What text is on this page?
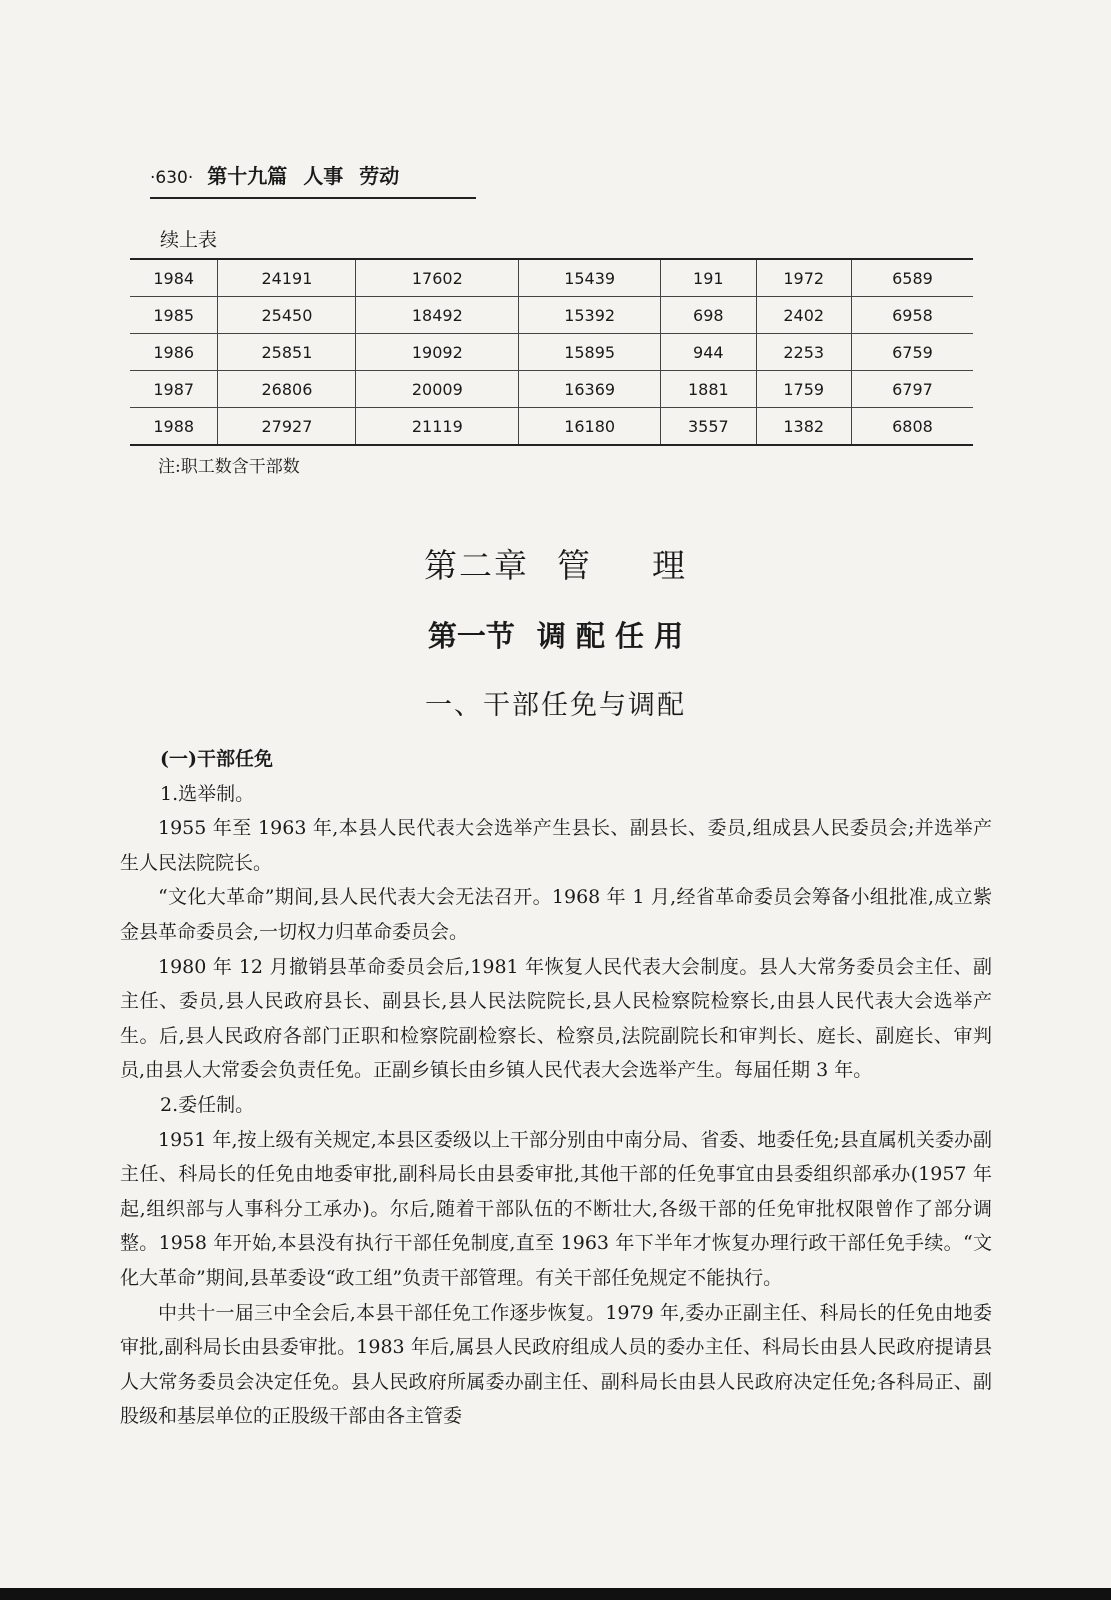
·630· 第十九篇 人事 劳动
续上表
1984	24191	17602	15439	191	1972	6589
1985	25450	18492	15392	698	2402	6958
1986	25851	19092	15895	944	2253	6759
1987	26806	20009	16369	1881	1759	6797
1988	27927	21119	16180	3557	1382	6808
注:职工数含干部数
第二章 管 理
第一节 调 配 任 用
一、干部任免与调配

(一)干部任免

1.选举制。

1955 年至 1963 年,本县人民代表大会选举产生县长、副县长、委员,组成县人民委员会;并选举产生人民法院院长。

“文化大革命”期间,县人民代表大会无法召开。1968 年 1 月,经省革命委员会筹备小组批准,成立紫金县革命委员会,一切权力归革命委员会。

1980 年 12 月撤销县革命委员会后,1981 年恢复人民代表大会制度。县人大常务委员会主任、副主任、委员,县人民政府县长、副县长,县人民法院院长,县人民检察院检察长,由县人民代表大会选举产生。后,县人民政府各部门正职和检察院副检察长、检察员,法院副院长和审判长、庭长、副庭长、审判员,由县人大常委会负责任免。正副乡镇长由乡镇人民代表大会选举产生。每届任期 3 年。

2.委任制。

1951 年,按上级有关规定,本县区委级以上干部分别由中南分局、省委、地委任免;县直属机关委办副主任、科局长的任免由地委审批,副科局长由县委审批,其他干部的任免事宜由县委组织部承办(1957 年起,组织部与人事科分工承办)。尔后,随着干部队伍的不断壮大,各级干部的任免审批权限曾作了部分调整。1958 年开始,本县没有执行干部任免制度,直至 1963 年下半年才恢复办理行政干部任免手续。“文化大革命”期间,县革委设“政工组”负责干部管理。有关干部任免规定不能执行。

中共十一届三中全会后,本县干部任免工作逐步恢复。1979 年,委办正副主任、科局长的任免由地委审批,副科局长由县委审批。1983 年后,属县人民政府组成人员的委办主任、科局长由县人民政府提请县人大常务委员会决定任免。县人民政府所属委办副主任、副科局长由县人民政府决定任免;各科局正、副股级和基层单位的正股级干部由各主管委
